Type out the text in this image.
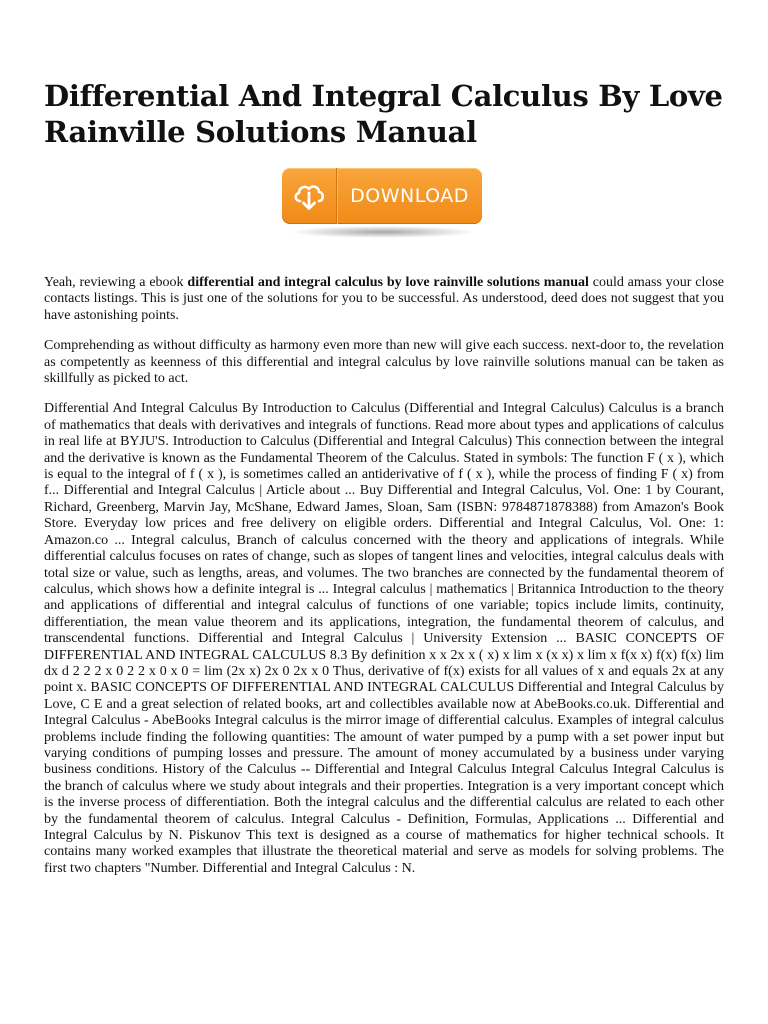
Differential And Integral Calculus By Love Rainville Solutions Manual
DOWNLOAD

Yeah, reviewing a ebook differential and integral calculus by love rainville solutions manual could amass your close contacts listings. This is just one of the solutions for you to be successful. As understood, deed does not suggest that you have astonishing points.

Comprehending as without difficulty as harmony even more than new will give each success. next-door to, the revelation as competently as keenness of this differential and integral calculus by love rainville solutions manual can be taken as skillfully as picked to act.

Differential And Integral Calculus By Introduction to Calculus (Differential and Integral Calculus) Calculus is a branch of mathematics that deals with derivatives and integrals of functions. Read more about types and applications of calculus in real life at BYJU'S. Introduction to Calculus (Differential and Integral Calculus) This connection between the integral and the derivative is known as the Fundamental Theorem of the Calculus. Stated in symbols: The function F ( x ), which is equal to the integral of f ( x ), is sometimes called an antiderivative of f ( x ), while the process of finding F ( x) from f... Differential and Integral Calculus | Article about ... Buy Differential and Integral Calculus, Vol. One: 1 by Courant, Richard, Greenberg, Marvin Jay, McShane, Edward James, Sloan, Sam (ISBN: 9784871878388) from Amazon's Book Store. Everyday low prices and free delivery on eligible orders. Differential and Integral Calculus, Vol. One: 1: Amazon.co ... Integral calculus, Branch of calculus concerned with the theory and applications of integrals. While differential calculus focuses on rates of change, such as slopes of tangent lines and velocities, integral calculus deals with total size or value, such as lengths, areas, and volumes. The two branches are connected by the fundamental theorem of calculus, which shows how a definite integral is ... Integral calculus | mathematics | Britannica Introduction to the theory and applications of differential and integral calculus of functions of one variable; topics include limits, continuity, differentiation, the mean value theorem and its applications, integration, the fundamental theorem of calculus, and transcendental functions. Differential and Integral Calculus | University Extension ... BASIC CONCEPTS OF DIFFERENTIAL AND INTEGRAL CALCULUS 8.3 By definition x x 2x x ( x) x lim x (x x) x lim x f(x x) f(x) f(x) lim dx d 2 2 2 x 0 2 2 x 0 x 0 = lim (2x x) 2x 0 2x x 0 Thus, derivative of f(x) exists for all values of x and equals 2x at any point x. BASIC CONCEPTS OF DIFFERENTIAL AND INTEGRAL CALCULUS Differential and Integral Calculus by Love, C E and a great selection of related books, art and collectibles available now at AbeBooks.co.uk. Differential and Integral Calculus - AbeBooks Integral calculus is the mirror image of differential calculus. Examples of integral calculus problems include finding the following quantities: The amount of water pumped by a pump with a set power input but varying conditions of pumping losses and pressure. The amount of money accumulated by a business under varying business conditions. History of the Calculus -- Differential and Integral Calculus Integral Calculus Integral Calculus is the branch of calculus where we study about integrals and their properties. Integration is a very important concept which is the inverse process of differentiation. Both the integral calculus and the differential calculus are related to each other by the fundamental theorem of calculus. Integral Calculus - Definition, Formulas, Applications ... Differential and Integral Calculus by N. Piskunov This text is designed as a course of mathematics for higher technical schools. It contains many worked examples that illustrate the theoretical material and serve as models for solving problems. The first two chapters "Number. Differential and Integral Calculus : N.
